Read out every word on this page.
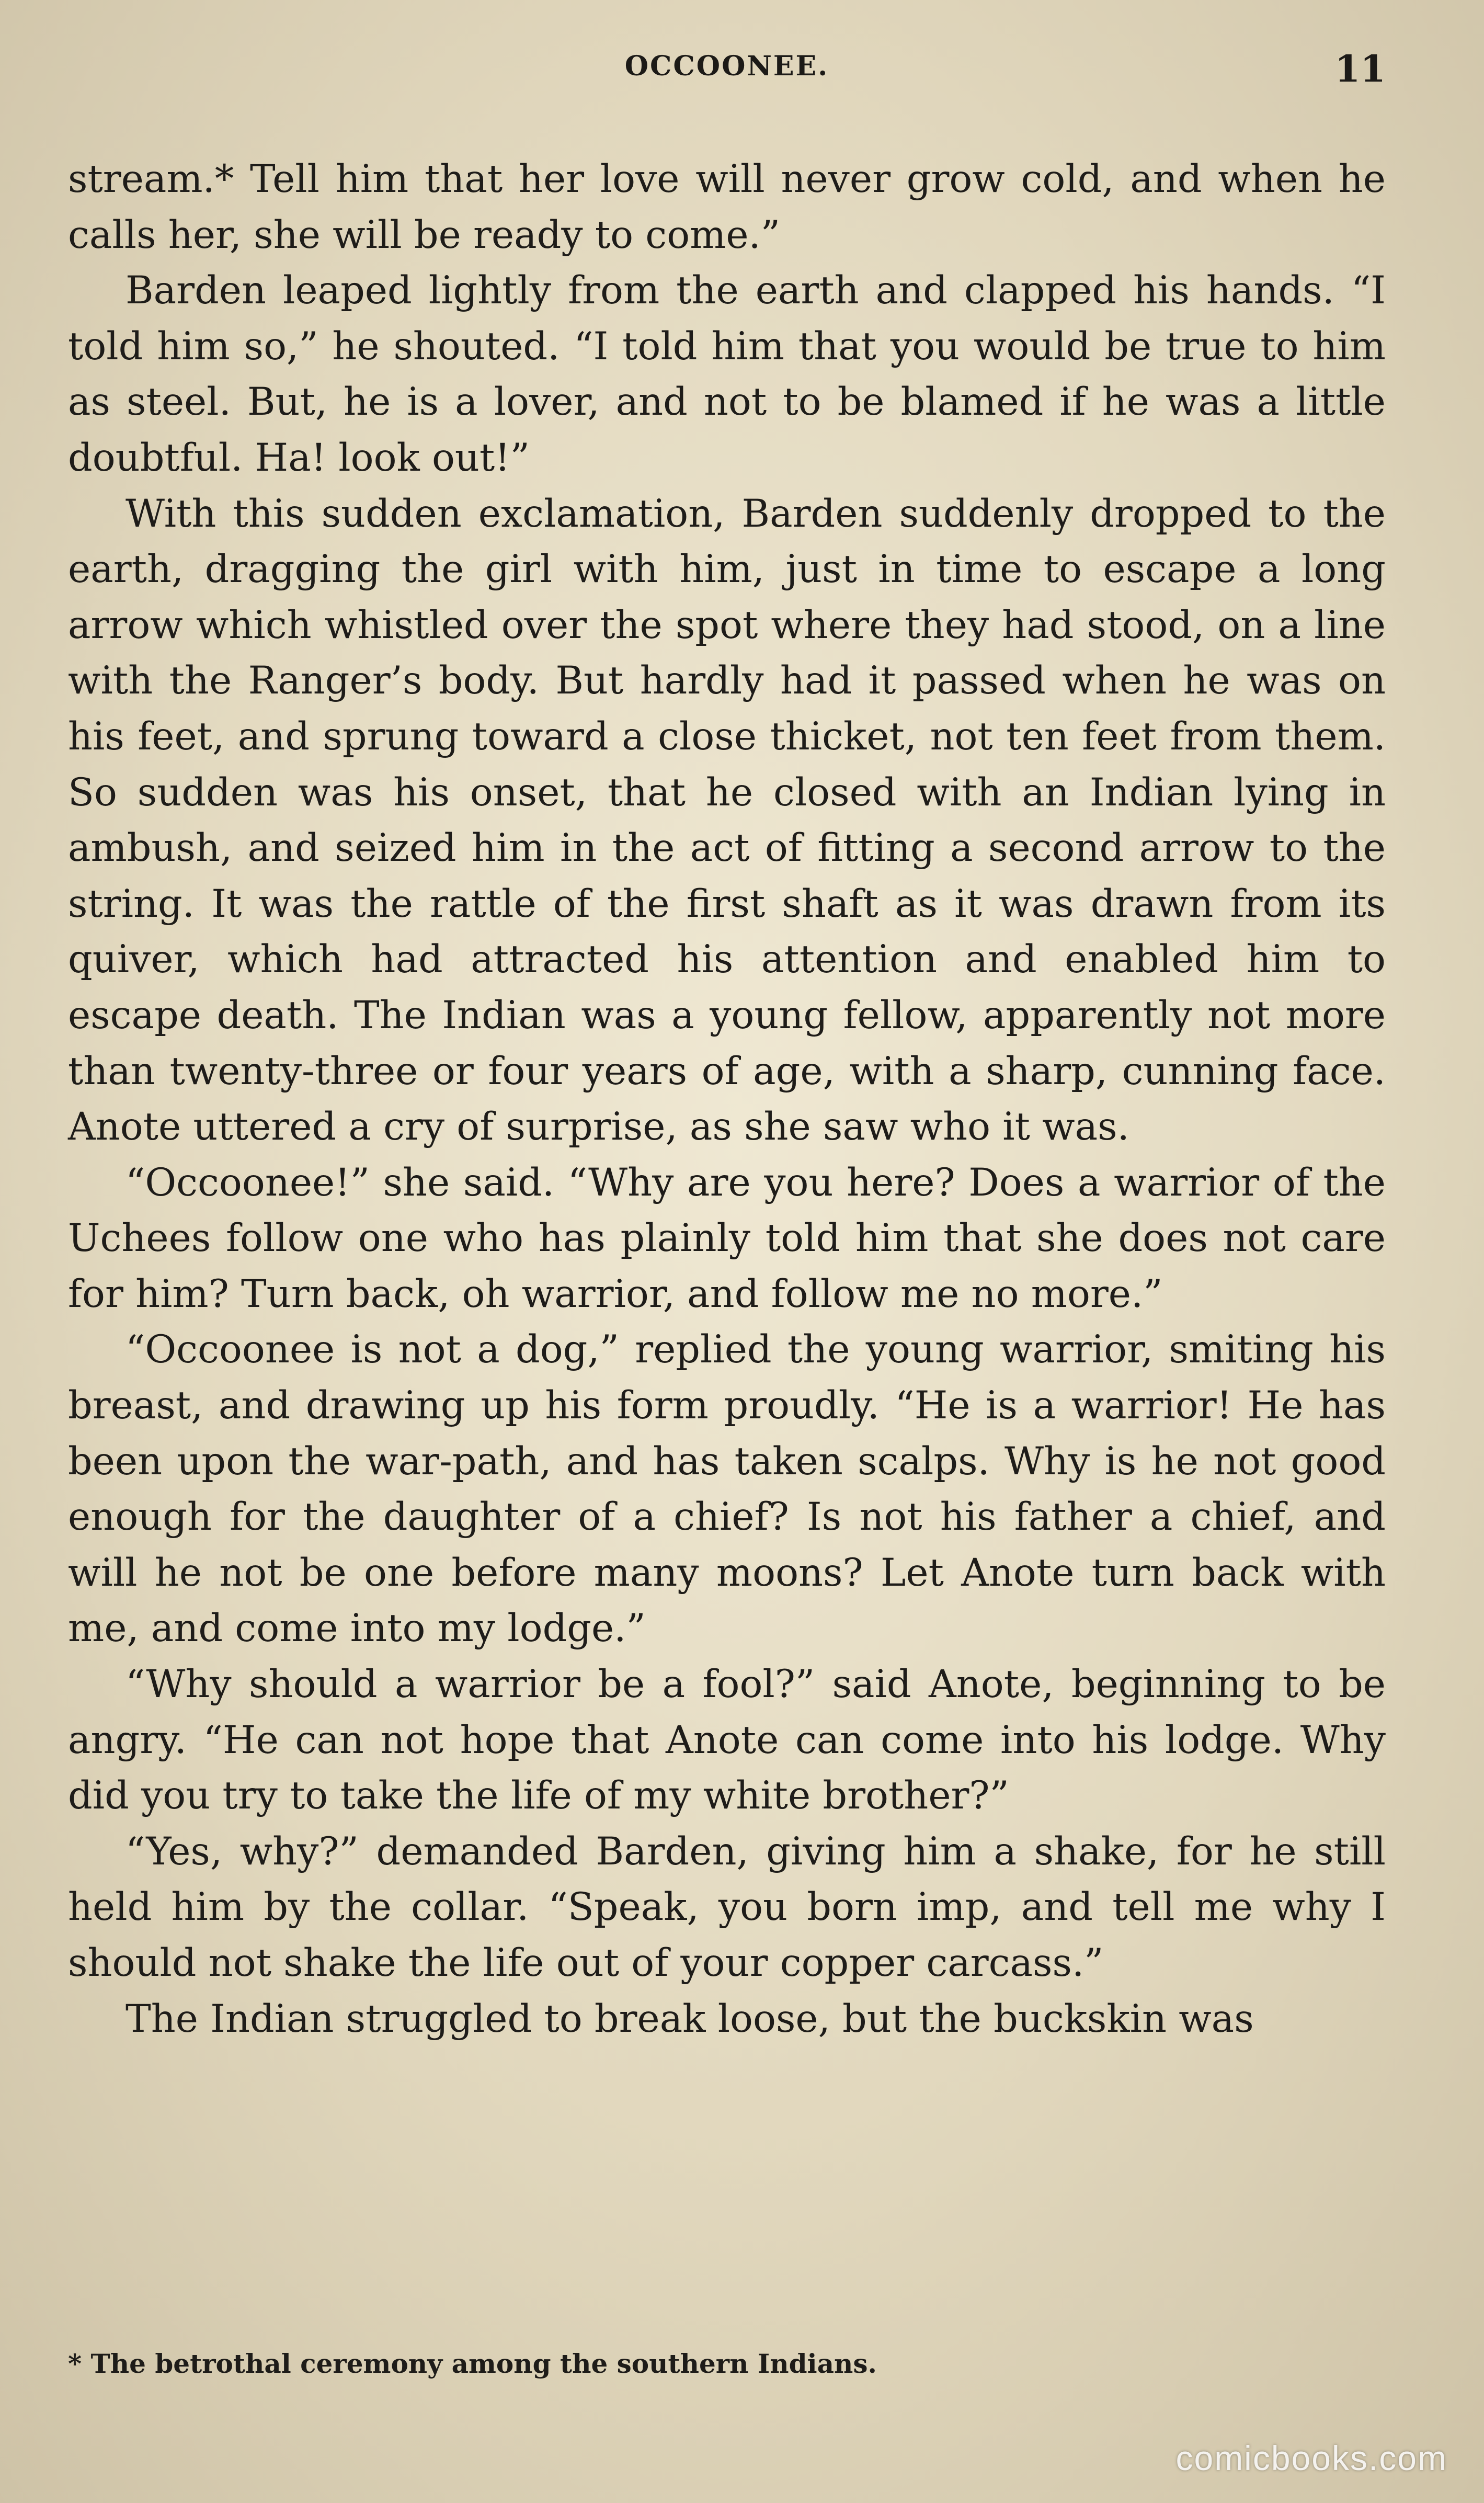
OCCOONEE.	11

stream.* Tell him that her love will never grow cold, and when he calls her, she will be ready to come.”

Barden leaped lightly from the earth and clapped his hands. “I told him so,” he shouted. “I told him that you would be true to him as steel. But, he is a lover, and not to be blamed if he was a little doubtful. Ha! look out!”

With this sudden exclamation, Barden suddenly dropped to the earth, dragging the girl with him, just in time to escape a long arrow which whistled over the spot where they had stood, on a line with the Ranger’s body. But hardly had it passed when he was on his feet, and sprung toward a close thicket, not ten feet from them. So sudden was his onset, that he closed with an Indian lying in ambush, and seized him in the act of fitting a second arrow to the string. It was the rattle of the first shaft as it was drawn from its quiver, which had attracted his attention and enabled him to escape death. The Indian was a young fellow, apparently not more than twenty-three or four years of age, with a sharp, cunning face. Anote uttered a cry of surprise, as she saw who it was.

“Occoonee!” she said. “Why are you here? Does a warrior of the Uchees follow one who has plainly told him that she does not care for him? Turn back, oh warrior, and follow me no more.”

“Occoonee is not a dog,” replied the young warrior, smiting his breast, and drawing up his form proudly. “He is a warrior! He has been upon the war-path, and has taken scalps. Why is he not good enough for the daughter of a chief? Is not his father a chief, and will he not be one before many moons? Let Anote turn back with me, and come into my lodge.”

“Why should a warrior be a fool?” said Anote, beginning to be angry. “He can not hope that Anote can come into his lodge. Why did you try to take the life of my white brother?”

“Yes, why?” demanded Barden, giving him a shake, for he still held him by the collar. “Speak, you born imp, and tell me why I should not shake the life out of your copper carcass.”

The Indian struggled to break loose, but the buckskin was

* The betrothal ceremony among the southern Indians.
comicbooks.com
